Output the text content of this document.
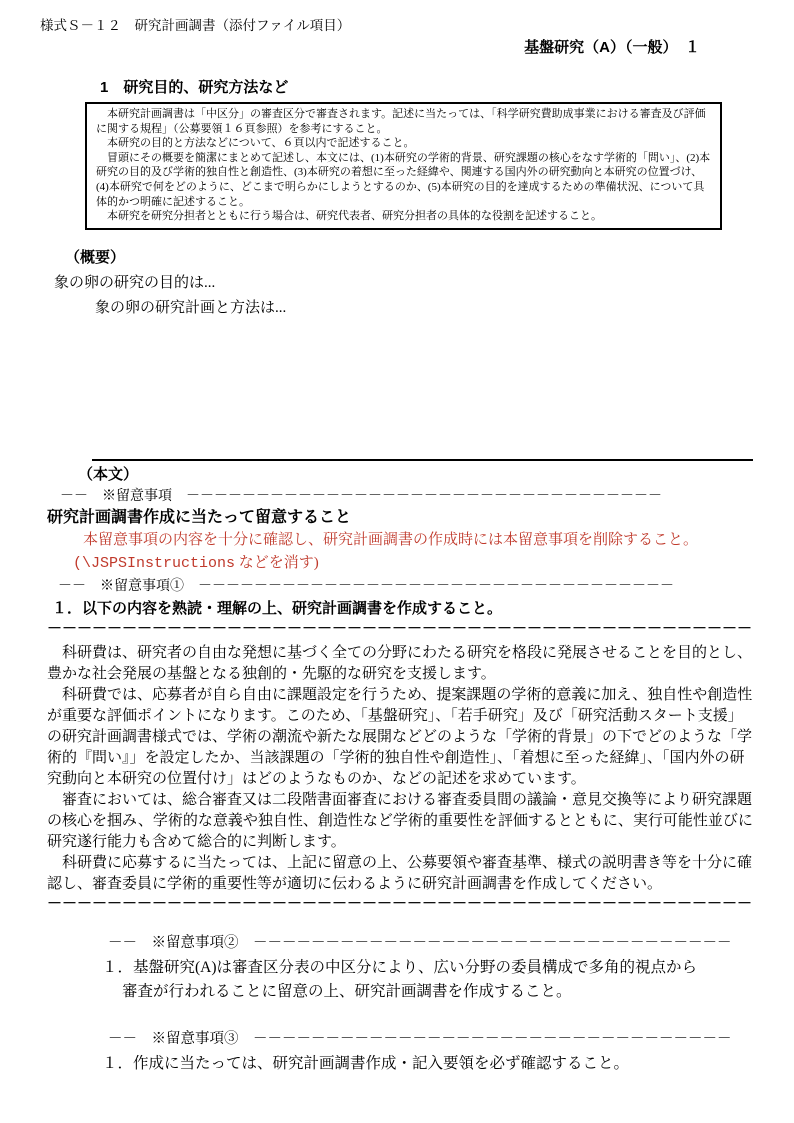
様式Ｓ－１２　研究計画調書（添付ファイル項目）
基盤研究（A）（一般）　１
1　研究目的、研究方法など

　本研究計画調書は「中区分」の審査区分で審査されます。記述に当たっては、「科学研究費助成事業における審査及び評価に関する規程」（公募要領１６頁参照）を参考にすること。

　本研究の目的と方法などについて、６頁以内で記述すること。

　冒頭にその概要を簡潔にまとめて記述し、本文には、(1)本研究の学術的背景、研究課題の核心をなす学術的「問い」、(2)本研究の目的及び学術的独自性と創造性、(3)本研究の着想に至った経緯や、関連する国内外の研究動向と本研究の位置づけ、(4)本研究で何をどのように、どこまで明らかにしようとするのか、(5)本研究の目的を達成するための準備状況、について具体的かつ明確に記述すること。

　本研究を研究分担者とともに行う場合は、研究代表者、研究分担者の具体的な役割を記述すること。

（概要）
象の卵の研究の目的は...
象の卵の研究計画と方法は...
（本文）
－－　※留意事項　－－－－－－－－－－－－－－－－－－－－－－－－－－－－－－－－－－
研究計画調書作成に当たって留意すること
本留意事項の内容を十分に確認し、研究計画調書の作成時には本留意事項を削除すること。
(\JSPSInstructions などを消す)
－－　※留意事項①　－－－－－－－－－－－－－－－－－－－－－－－－－－－－－－－－－－
１．以下の内容を熟読・理解の上、研究計画調書を作成すること。
－－－－－－－－－－－－－－－－－－－－－－－－－－－－－－－－－－－－－－－－－－－－－－－

　科研費は、研究者の自由な発想に基づく全ての分野にわたる研究を格段に発展させることを目的とし、豊かな社会発展の基盤となる独創的・先駆的な研究を支援します。

　科研費では、応募者が自ら自由に課題設定を行うため、提案課題の学術的意義に加え、独自性や創造性が重要な評価ポイントになります。このため、「基盤研究」、「若手研究」及び「研究活動スタート支援」の研究計画調書様式では、学術の潮流や新たな展開などどのような「学術的背景」の下でどのような「学術的『問い』」を設定したか、当該課題の「学術的独自性や創造性」、「着想に至った経緯」、「国内外の研究動向と本研究の位置付け」はどのようなものか、などの記述を求めています。

　審査においては、総合審査又は二段階書面審査における審査委員間の議論・意見交換等により研究課題の核心を掴み、学術的な意義や独自性、創造性など学術的重要性を評価するとともに、実行可能性並びに研究遂行能力も含めて総合的に判断します。

　科研費に応募するに当たっては、上記に留意の上、公募要領や審査基準、様式の説明書き等を十分に確認し、審査委員に学術的重要性等が適切に伝わるように研究計画調書を作成してください。

－－－－－－－－－－－－－－－－－－－－－－－－－－－－－－－－－－－－－－－－－－－－－－－
－－　※留意事項②　－－－－－－－－－－－－－－－－－－－－－－－－－－－－－－－－－
１．基盤研究(A)は審査区分表の中区分により、広い分野の委員構成で多角的視点から
審査が行われることに留意の上、研究計画調書を作成すること。
－－　※留意事項③　－－－－－－－－－－－－－－－－－－－－－－－－－－－－－－－－－
１．作成に当たっては、研究計画調書作成・記入要領を必ず確認すること。
